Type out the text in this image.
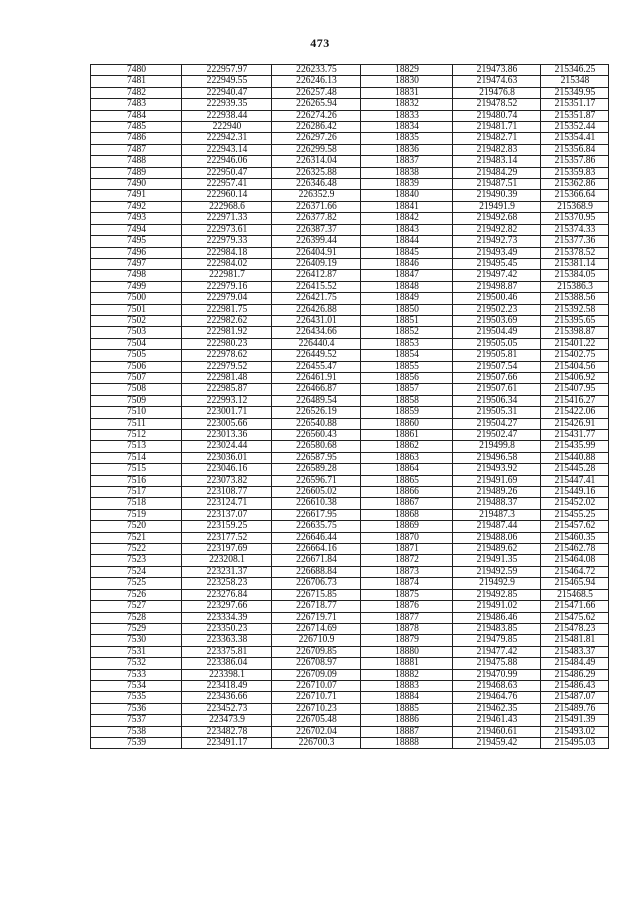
473
7480	222957.97	226233.75	18829	219473.86	215346.25
7481	222949.55	226246.13	18830	219474.63	215348
7482	222940.47	226257.48	18831	219476.8	215349.95
7483	222939.35	226265.94	18832	219478.52	215351.17
7484	222938.44	226274.26	18833	219480.74	215351.87
7485	222940	226286.42	18834	219481.71	215352.44
7486	222942.31	226297.26	18835	219482.71	215354.41
7487	222943.14	226299.58	18836	219482.83	215356.84
7488	222946.06	226314.04	18837	219483.14	215357.86
7489	222950.47	226325.88	18838	219484.29	215359.83
7490	222957.41	226346.48	18839	219487.51	215362.86
7491	222960.14	226352.9	18840	219490.39	215366.64
7492	222968.6	226371.66	18841	219491.9	215368.9
7493	222971.33	226377.82	18842	219492.68	215370.95
7494	222973.61	226387.37	18843	219492.82	215374.33
7495	222979.33	226399.44	18844	219492.73	215377.36
7496	222984.18	226404.91	18845	219493.49	215378.52
7497	222984.02	226409.19	18846	219495.45	215381.14
7498	222981.7	226412.87	18847	219497.42	215384.05
7499	222979.16	226415.52	18848	219498.87	215386.3
7500	222979.04	226421.75	18849	219500.46	215388.56
7501	222981.75	226426.88	18850	219502.23	215392.58
7502	222982.62	226431.01	18851	219503.69	215395.65
7503	222981.92	226434.66	18852	219504.49	215398.87
7504	222980.23	226440.4	18853	219505.05	215401.22
7505	222978.62	226449.52	18854	219505.81	215402.75
7506	222979.52	226455.47	18855	219507.54	215404.56
7507	222981.48	226461.91	18856	219507.66	215406.92
7508	222985.87	226466.87	18857	219507.61	215407.95
7509	222993.12	226489.54	18858	219506.34	215416.27
7510	223001.71	226526.19	18859	219505.31	215422.06
7511	223005.66	226540.88	18860	219504.27	215426.91
7512	223013.36	226560.43	18861	219502.47	215431.77
7513	223024.44	226580.68	18862	219499.8	215435.99
7514	223036.01	226587.95	18863	219496.58	215440.88
7515	223046.16	226589.28	18864	219493.92	215445.28
7516	223073.82	226596.71	18865	219491.69	215447.41
7517	223108.77	226605.02	18866	219489.26	215449.16
7518	223124.71	226610.38	18867	219488.37	215452.02
7519	223137.07	226617.95	18868	219487.3	215455.25
7520	223159.25	226635.75	18869	219487.44	215457.62
7521	223177.52	226646.44	18870	219488.06	215460.35
7522	223197.69	226664.16	18871	219489.62	215462.78
7523	223208.1	226671.84	18872	219491.35	215464.08
7524	223231.37	226688.84	18873	219492.59	215464.72
7525	223258.23	226706.73	18874	219492.9	215465.94
7526	223276.84	226715.85	18875	219492.85	215468.5
7527	223297.66	226718.77	18876	219491.02	215471.66
7528	223334.39	226719.71	18877	219486.46	215475.62
7529	223350.23	226714.69	18878	219483.85	215478.23
7530	223363.38	226710.9	18879	219479.85	215481.81
7531	223375.81	226709.85	18880	219477.42	215483.37
7532	223386.04	226708.97	18881	219475.88	215484.49
7533	223398.1	226709.09	18882	219470.99	215486.29
7534	223418.49	226710.07	18883	219468.63	215486.43
7535	223436.66	226710.71	18884	219464.76	215487.07
7536	223452.73	226710.23	18885	219462.35	215489.76
7537	223473.9	226705.48	18886	219461.43	215491.39
7538	223482.78	226702.04	18887	219460.61	215493.02
7539	223491.17	226700.3	18888	219459.42	215495.03
